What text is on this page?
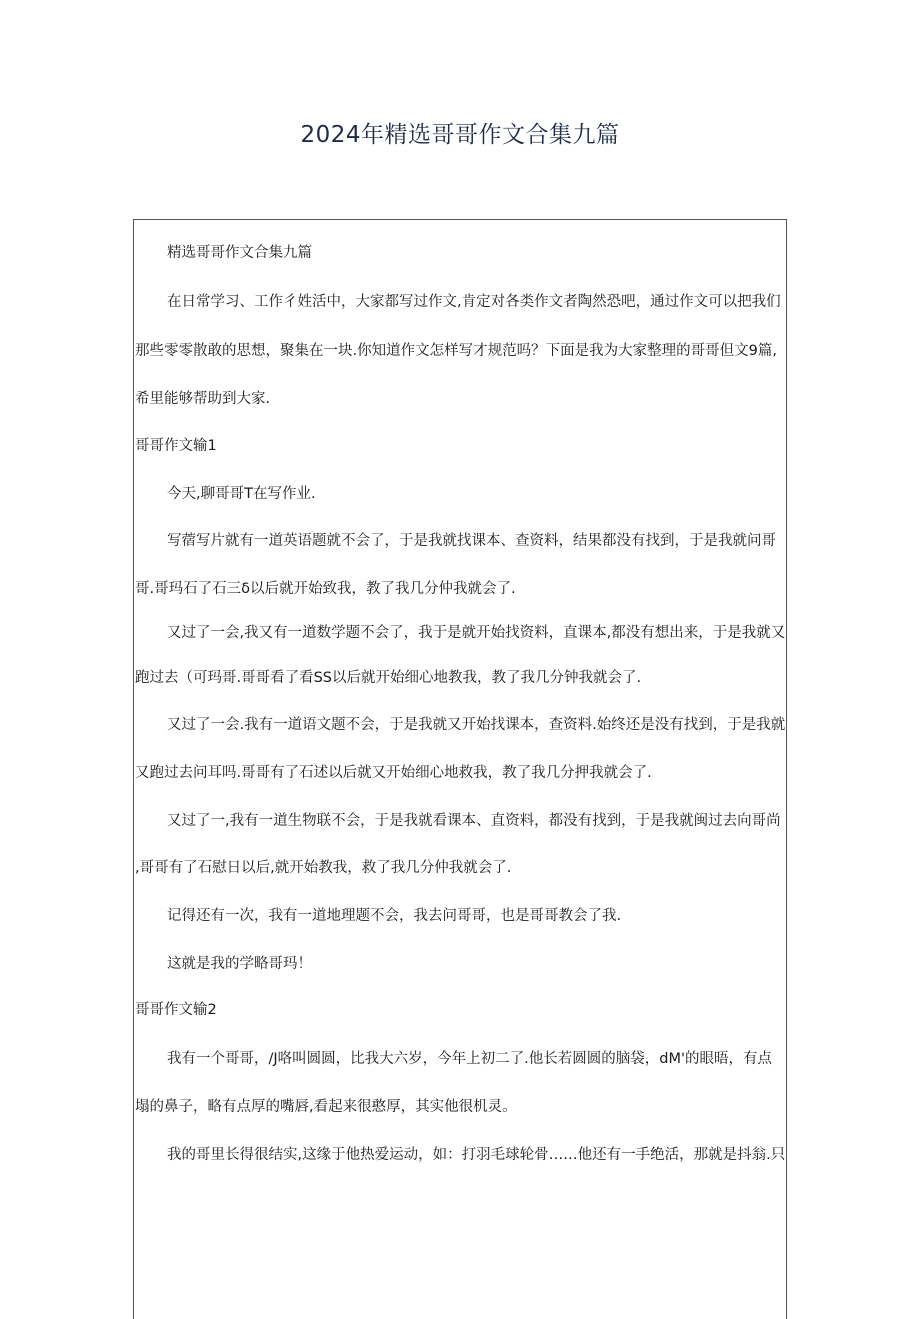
2024年精选哥哥作文合集九篇

精选哥哥作文合集九篇

在日常学习、工作彳姓活中，大家都写过作文,肯定对各类作文者陶然恐吧，通过作文可以把我们

那些零零散敢的思想，聚集在一块.你知道作文怎样写才规范吗？下面是我为大家整理的哥哥但文9篇,

希里能够帮助到大家.

哥哥作文输1

今天,聊哥哥T在写作业.

写蓿写片就有一道英语题就不会了，于是我就找课本、查资料，结果都没有找到，于是我就问哥

哥.哥玛石了石三δ以后就开始致我，教了我几分仲我就会了.

又过了一会,我又有一道数学题不会了，我于是就开始找资料，直课本,都没有想出来，于是我就又

跑过去（可玛哥.哥哥看了看SS以后就开始细心地教我，教了我几分钟我就会了.

又过了一会.我有一道语文题不会，于是我就又开始找课本，查资料.始终还是没有找到，于是我就

又跑过去问耳吗.哥哥有了石述以后就又开始细心地救我，教了我几分押我就会了.

又过了一,我有一道生物联不会，于是我就看课本、直资料，都没有找到，于是我就闽过去向哥尚

,哥哥有了石慰日以后,就开始教我，救了我几分仲我就会了.

记得还有一次，我有一道地理题不会，我去问哥哥，也是哥哥教会了我.

这就是我的学略哥玛！

哥哥作文输2

我有一个哥哥，/J咯叫圆圆，比我大六岁，今年上初二了.他长若圆圆的脑袋，dM'的眼晤，有点

塌的鼻子，略有点厚的嘴唇,看起来很憨厚，其实他很机灵。

我的哥里长得很结实,这缘于他热爱运动，如：打羽毛球轮骨……他还有一手绝活，那就是抖翁.只
